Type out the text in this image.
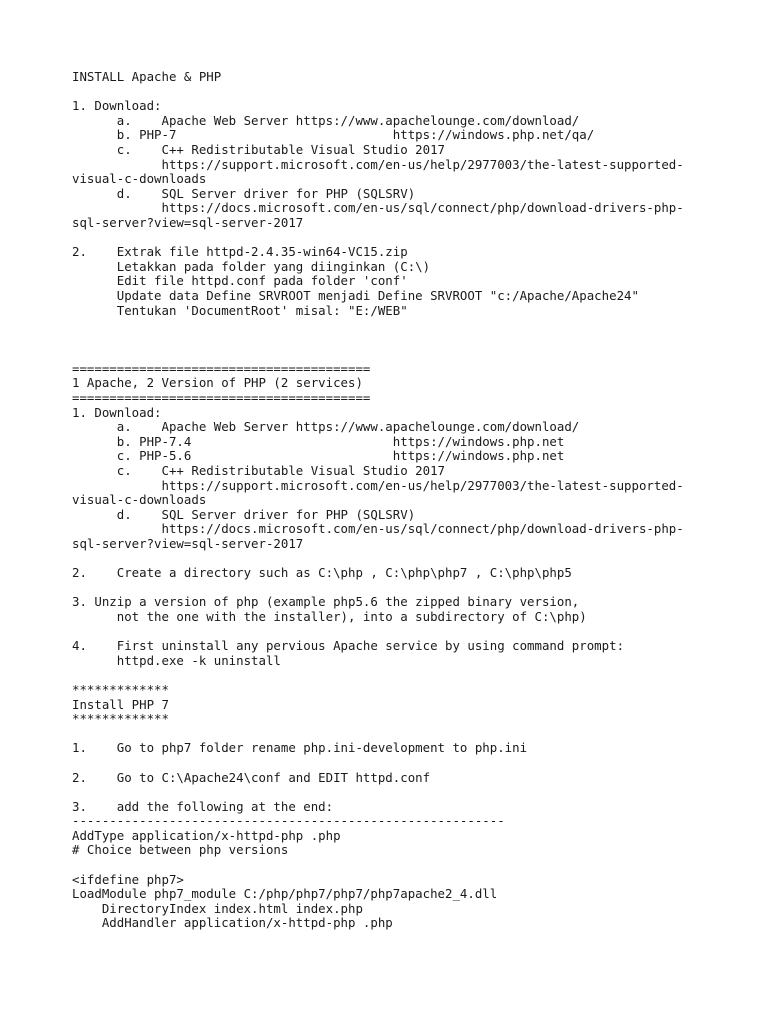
INSTALL Apache & PHP
1. Download:
a.    Apache Web Server https://www.apachelounge.com/download/
b. PHP-7                             https://windows.php.net/qa/
c.    C++ Redistributable Visual Studio 2017
https://support.microsoft.com/en-us/help/2977003/the-latest-supported-
visual-c-downloads
d.    SQL Server driver for PHP (SQLSRV)
https://docs.microsoft.com/en-us/sql/connect/php/download-drivers-php-
sql-server?view=sql-server-2017
2.    Extrak file httpd-2.4.35-win64-VC15.zip
Letakkan pada folder yang diinginkan (C:\)
Edit file httpd.conf pada folder 'conf'
Update data Define SRVROOT menjadi Define SRVROOT "c:/Apache/Apache24"
Tentukan 'DocumentRoot' misal: "E:/WEB"
========================================
1 Apache, 2 Version of PHP (2 services)
========================================
1. Download:
a.    Apache Web Server https://www.apachelounge.com/download/
b. PHP-7.4                           https://windows.php.net
c. PHP-5.6                           https://windows.php.net
c.    C++ Redistributable Visual Studio 2017
https://support.microsoft.com/en-us/help/2977003/the-latest-supported-
visual-c-downloads
d.    SQL Server driver for PHP (SQLSRV)
https://docs.microsoft.com/en-us/sql/connect/php/download-drivers-php-
sql-server?view=sql-server-2017
2.    Create a directory such as C:\php , C:\php\php7 , C:\php\php5
3. Unzip a version of php (example php5.6 the zipped binary version,
not the one with the installer), into a subdirectory of C:\php)
4.    First uninstall any pervious Apache service by using command prompt:
httpd.exe -k uninstall
*************
Install PHP 7
*************
1.    Go to php7 folder rename php.ini-development to php.ini
2.    Go to C:\Apache24\conf and EDIT httpd.conf
3.    add the following at the end:
----------------------------------------------------------
AddType application/x-httpd-php .php
# Choice between php versions
<ifdefine php7>
LoadModule php7_module C:/php/php7/php7/php7apache2_4.dll
DirectoryIndex index.html index.php
AddHandler application/x-httpd-php .php
